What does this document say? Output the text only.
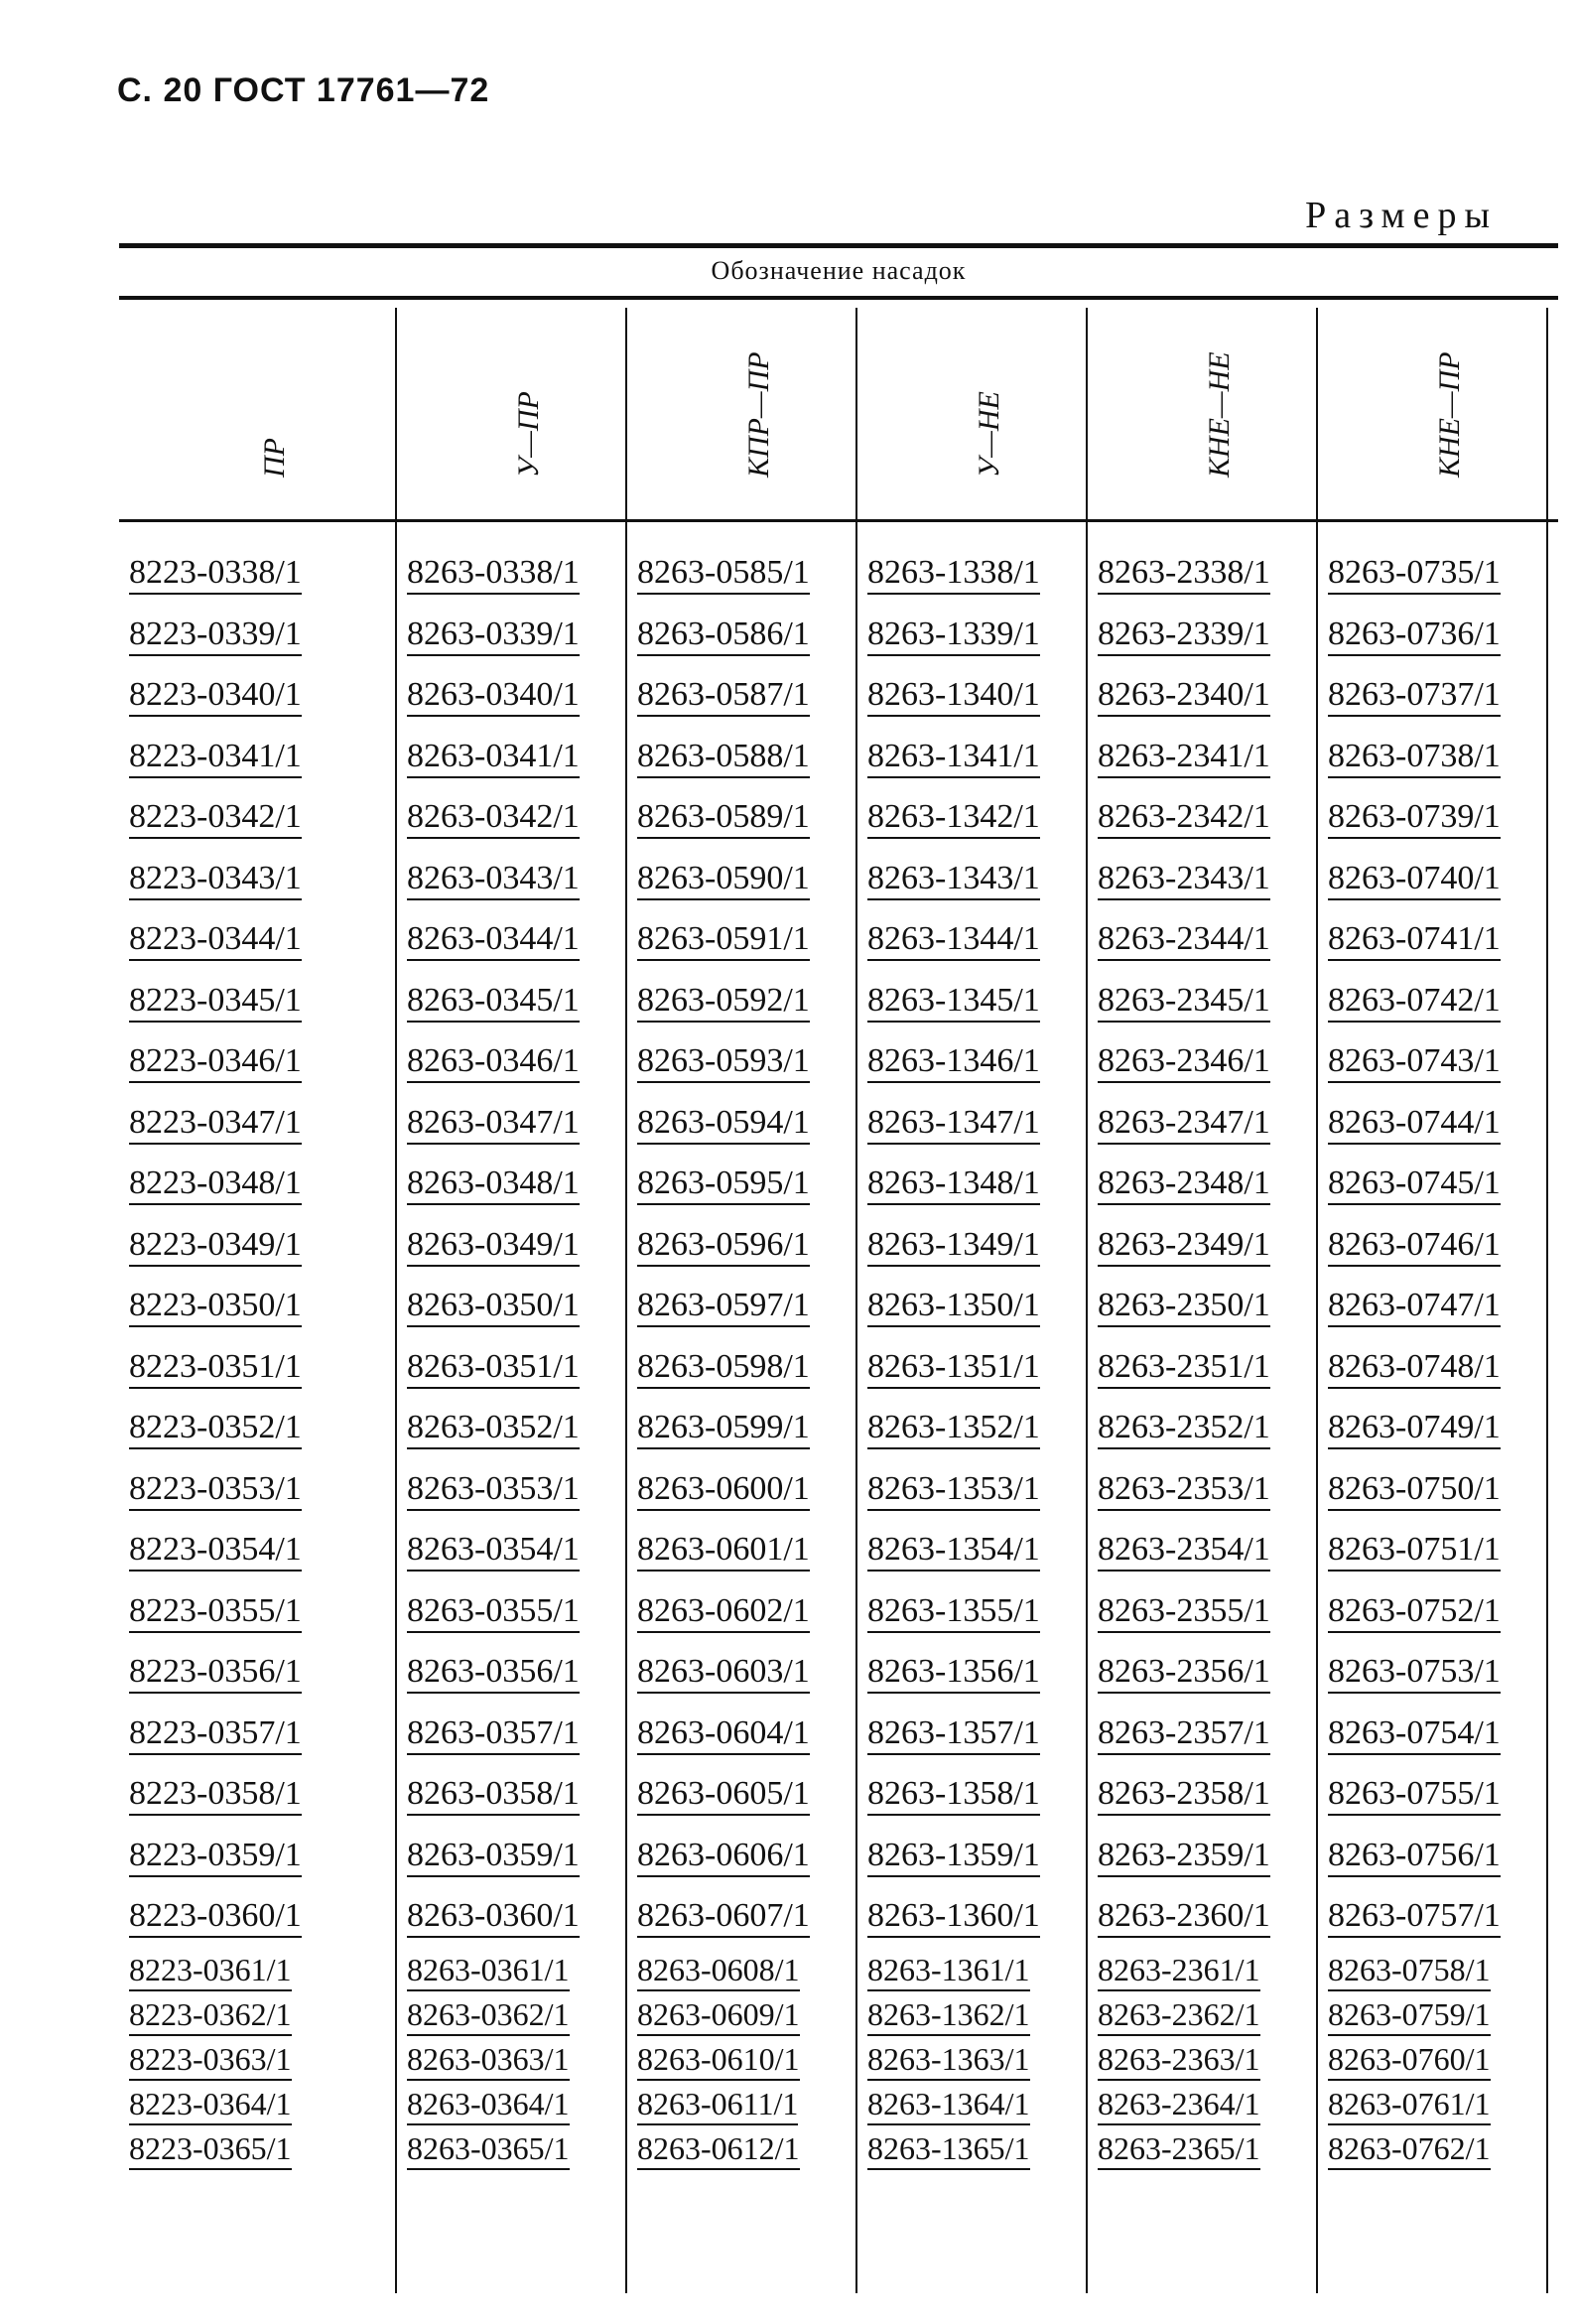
С. 20 ГОСТ 17761—72
Размеры
Обозначение насадок
ПР	У—ПР	КПР—ПР	У—НЕ	КНЕ—НЕ	КНЕ—ПР
8223-0338/1	8263-0338/1	8263-0585/1	8263-1338/1	8263-2338/1	8263-0735/1
8223-0339/1	8263-0339/1	8263-0586/1	8263-1339/1	8263-2339/1	8263-0736/1
8223-0340/1	8263-0340/1	8263-0587/1	8263-1340/1	8263-2340/1	8263-0737/1
8223-0341/1	8263-0341/1	8263-0588/1	8263-1341/1	8263-2341/1	8263-0738/1
8223-0342/1	8263-0342/1	8263-0589/1	8263-1342/1	8263-2342/1	8263-0739/1
8223-0343/1	8263-0343/1	8263-0590/1	8263-1343/1	8263-2343/1	8263-0740/1
8223-0344/1	8263-0344/1	8263-0591/1	8263-1344/1	8263-2344/1	8263-0741/1
8223-0345/1	8263-0345/1	8263-0592/1	8263-1345/1	8263-2345/1	8263-0742/1
8223-0346/1	8263-0346/1	8263-0593/1	8263-1346/1	8263-2346/1	8263-0743/1
8223-0347/1	8263-0347/1	8263-0594/1	8263-1347/1	8263-2347/1	8263-0744/1
8223-0348/1	8263-0348/1	8263-0595/1	8263-1348/1	8263-2348/1	8263-0745/1
8223-0349/1	8263-0349/1	8263-0596/1	8263-1349/1	8263-2349/1	8263-0746/1
8223-0350/1	8263-0350/1	8263-0597/1	8263-1350/1	8263-2350/1	8263-0747/1
8223-0351/1	8263-0351/1	8263-0598/1	8263-1351/1	8263-2351/1	8263-0748/1
8223-0352/1	8263-0352/1	8263-0599/1	8263-1352/1	8263-2352/1	8263-0749/1
8223-0353/1	8263-0353/1	8263-0600/1	8263-1353/1	8263-2353/1	8263-0750/1
8223-0354/1	8263-0354/1	8263-0601/1	8263-1354/1	8263-2354/1	8263-0751/1
8223-0355/1	8263-0355/1	8263-0602/1	8263-1355/1	8263-2355/1	8263-0752/1
8223-0356/1	8263-0356/1	8263-0603/1	8263-1356/1	8263-2356/1	8263-0753/1
8223-0357/1	8263-0357/1	8263-0604/1	8263-1357/1	8263-2357/1	8263-0754/1
8223-0358/1	8263-0358/1	8263-0605/1	8263-1358/1	8263-2358/1	8263-0755/1
8223-0359/1	8263-0359/1	8263-0606/1	8263-1359/1	8263-2359/1	8263-0756/1
8223-0360/1	8263-0360/1	8263-0607/1	8263-1360/1	8263-2360/1	8263-0757/1
8223-0361/1	8263-0361/1	8263-0608/1	8263-1361/1	8263-2361/1	8263-0758/1
8223-0362/1	8263-0362/1	8263-0609/1	8263-1362/1	8263-2362/1	8263-0759/1
8223-0363/1	8263-0363/1	8263-0610/1	8263-1363/1	8263-2363/1	8263-0760/1
8223-0364/1	8263-0364/1	8263-0611/1	8263-1364/1	8263-2364/1	8263-0761/1
8223-0365/1	8263-0365/1	8263-0612/1	8263-1365/1	8263-2365/1	8263-0762/1
